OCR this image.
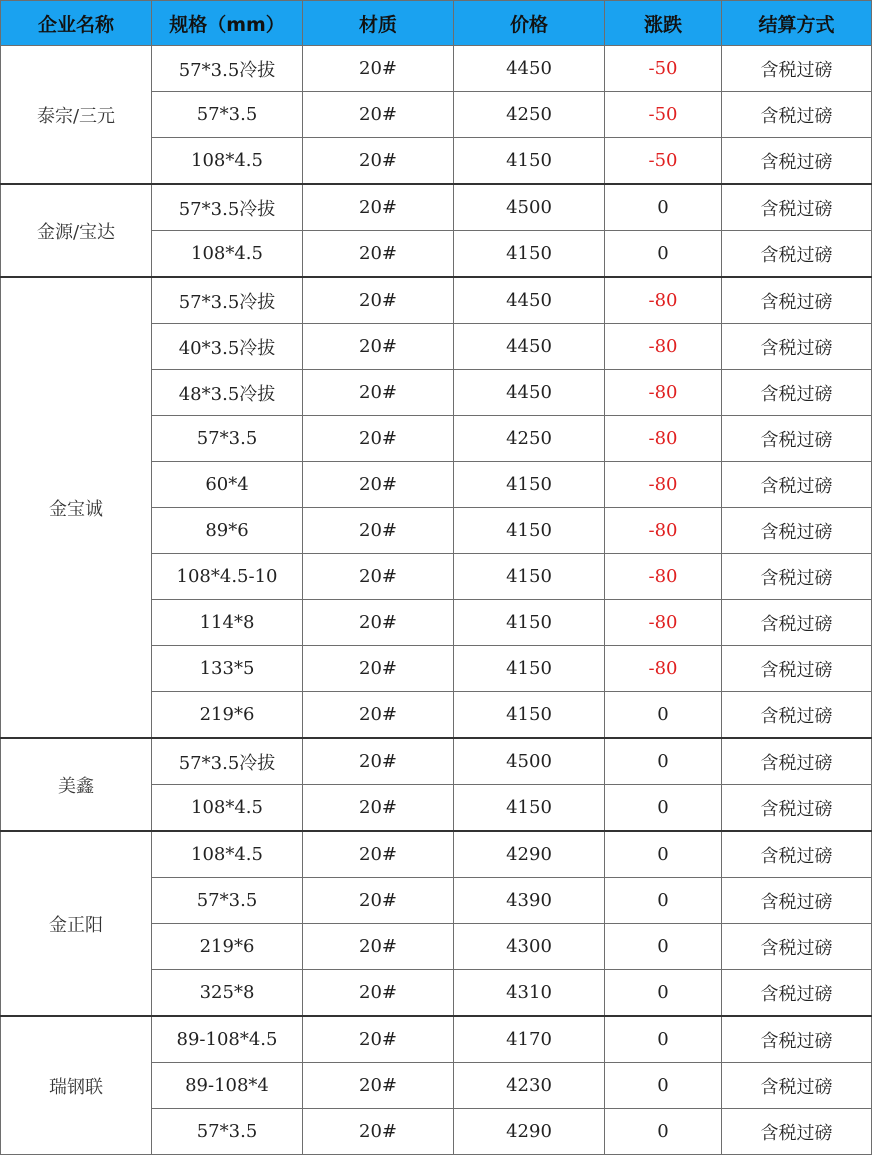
企业名称	规格（mm）	材质	价格	涨跌	结算方式
泰宗/三元	57*3.5冷拔	20#	4450	-50	含税过磅
	57*3.5	20#	4250	-50	含税过磅
	108*4.5	20#	4150	-50	含税过磅
金源/宝达	57*3.5冷拔	20#	4500	0	含税过磅
	108*4.5	20#	4150	0	含税过磅
金宝诚	57*3.5冷拔	20#	4450	-80	含税过磅
	40*3.5冷拔	20#	4450	-80	含税过磅
	48*3.5冷拔	20#	4450	-80	含税过磅
	57*3.5	20#	4250	-80	含税过磅
	60*4	20#	4150	-80	含税过磅
	89*6	20#	4150	-80	含税过磅
	108*4.5-10	20#	4150	-80	含税过磅
	114*8	20#	4150	-80	含税过磅
	133*5	20#	4150	-80	含税过磅
	219*6	20#	4150	0	含税过磅
美鑫	57*3.5冷拔	20#	4500	0	含税过磅
	108*4.5	20#	4150	0	含税过磅
金正阳	108*4.5	20#	4290	0	含税过磅
	57*3.5	20#	4390	0	含税过磅
	219*6	20#	4300	0	含税过磅
	325*8	20#	4310	0	含税过磅
瑞钢联	89-108*4.5	20#	4170	0	含税过磅
	89-108*4	20#	4230	0	含税过磅
	57*3.5	20#	4290	0	含税过磅
